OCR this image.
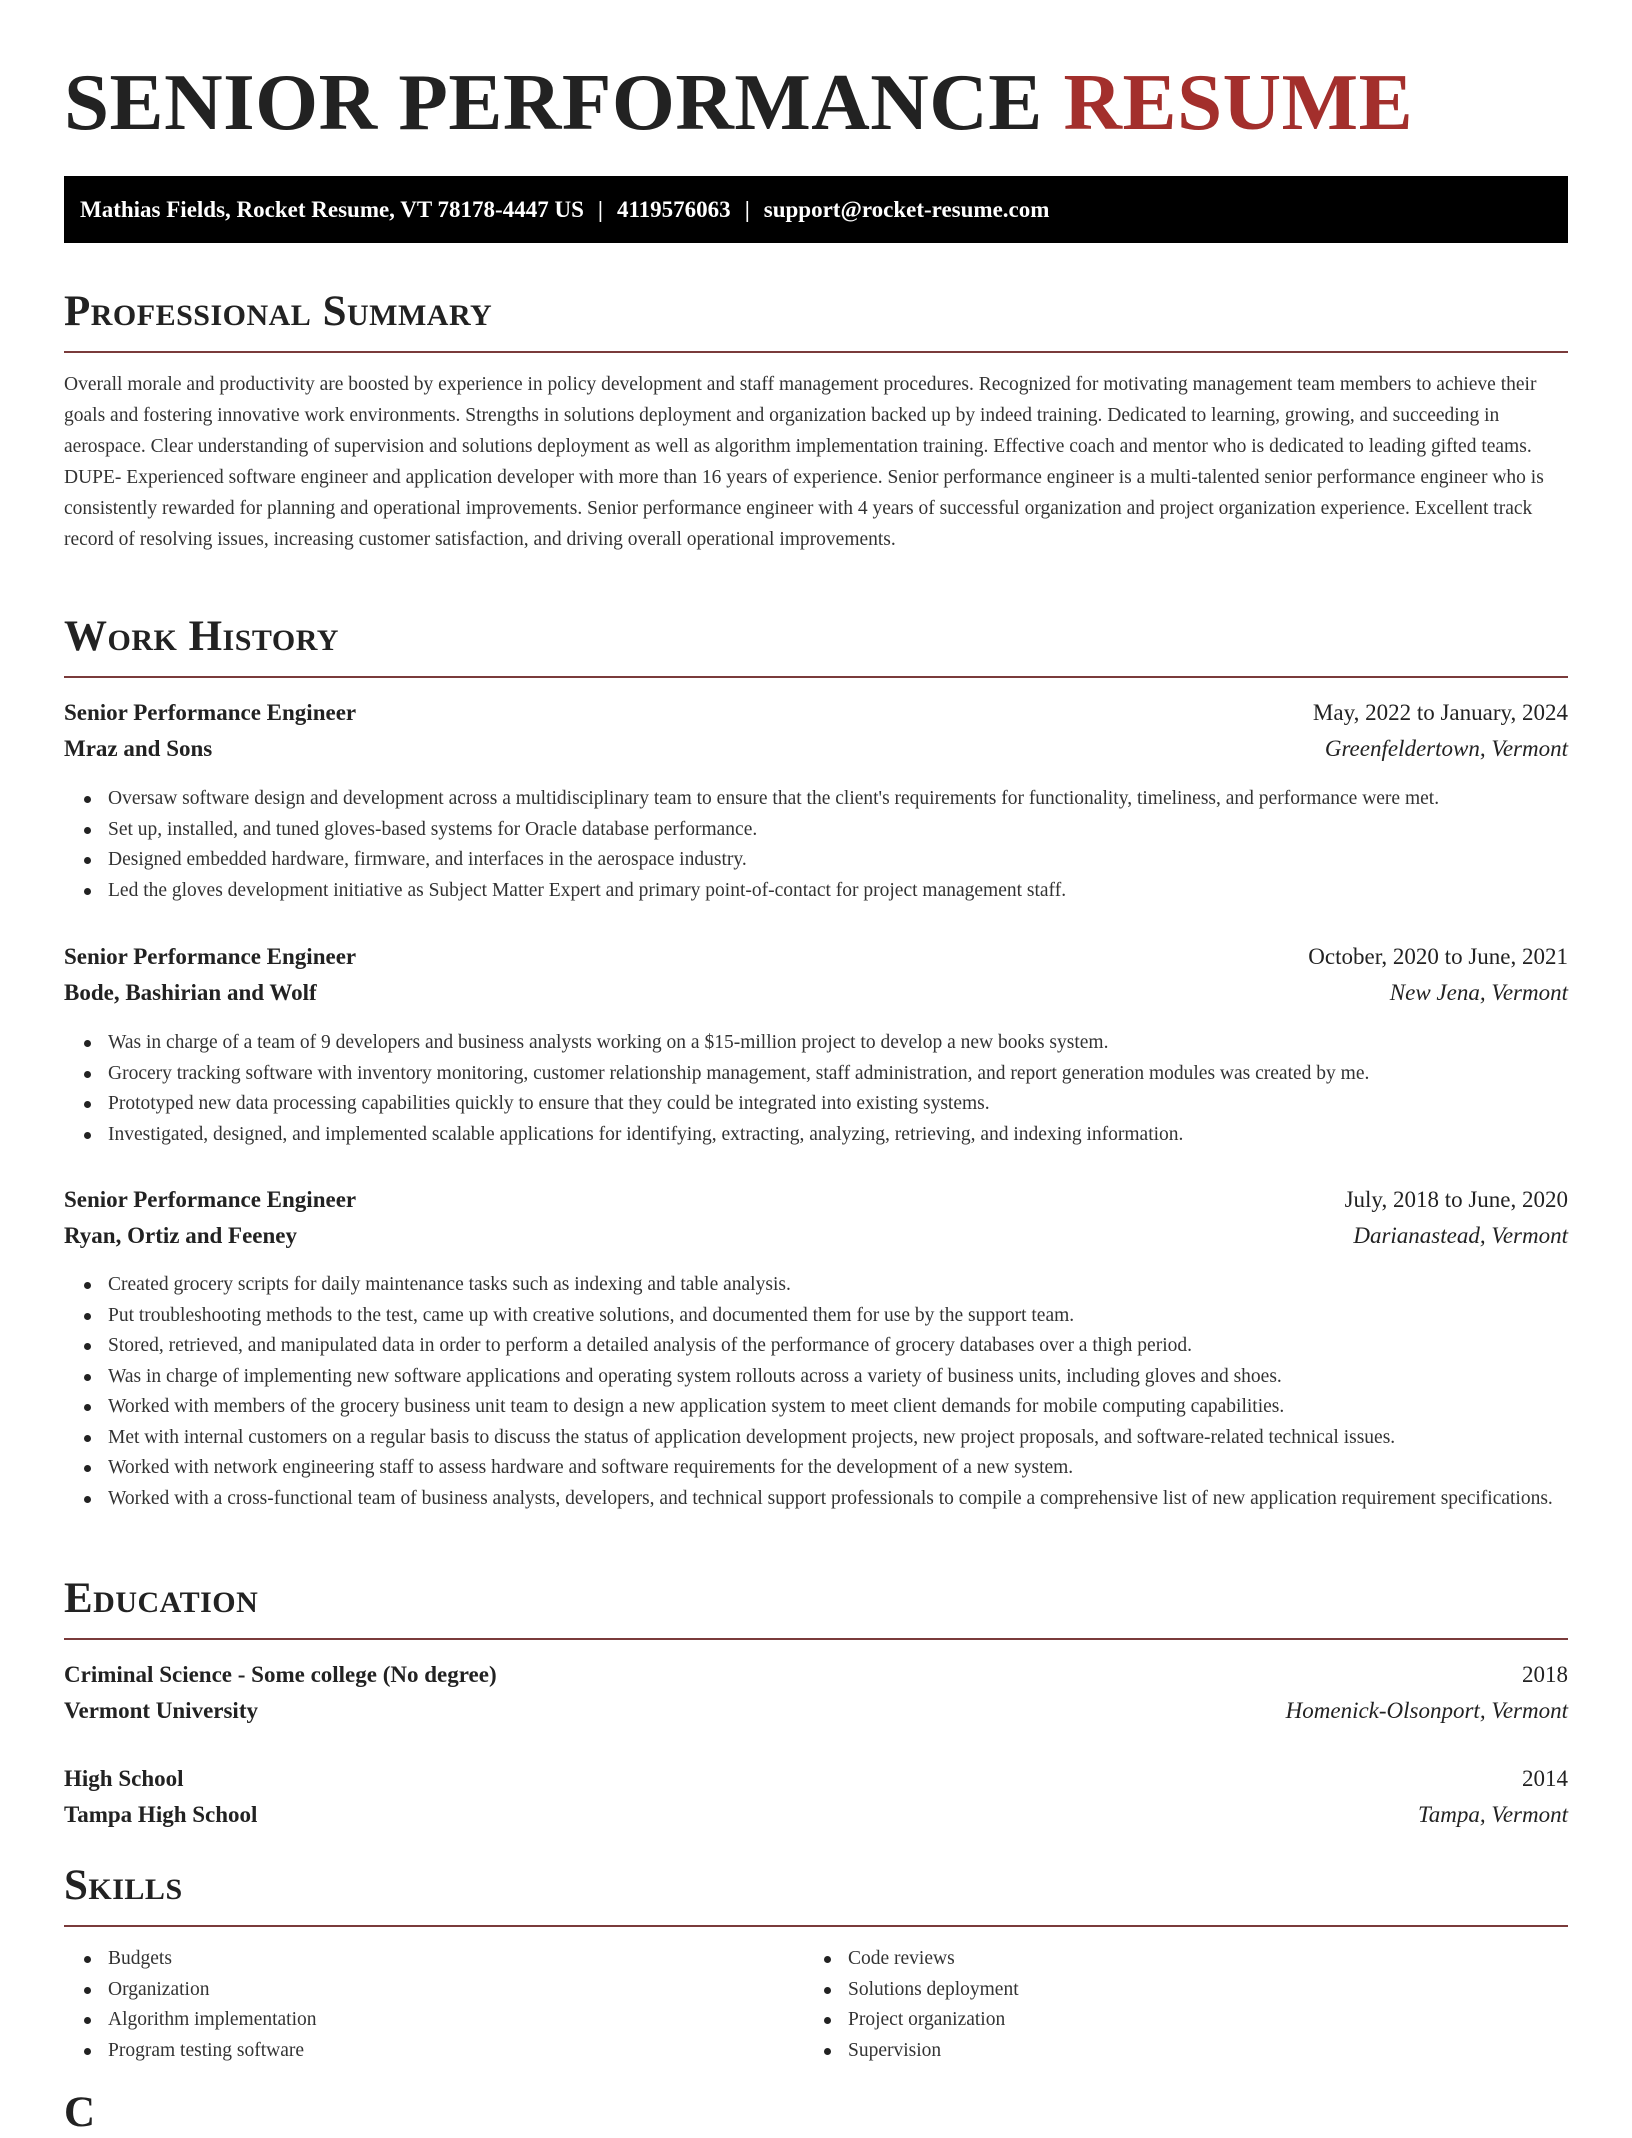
SENIOR PERFORMANCE RESUME
Mathias Fields, Rocket Resume, VT 78178-4447 US | 4119576063 | support@rocket-resume.com
Professional Summary

Overall morale and productivity are boosted by experience in policy development and staff management procedures. Recognized for motivating management team members to achieve their goals and fostering innovative work environments. Strengths in solutions deployment and organization backed up by indeed training. Dedicated to learning, growing, and succeeding in aerospace. Clear understanding of supervision and solutions deployment as well as algorithm implementation training. Effective coach and mentor who is dedicated to leading gifted teams. DUPE- Experienced software engineer and application developer with more than 16 years of experience. Senior performance engineer is a multi-talented senior performance engineer who is consistently rewarded for planning and operational improvements. Senior performance engineer with 4 years of successful organization and project organization experience. Excellent track record of resolving issues, increasing customer satisfaction, and driving overall operational improvements.

Work History
Senior Performance Engineer	May, 2022 to January, 2024
Mraz and Sons	Greenfeldertown, Vermont
Oversaw software design and development across a multidisciplinary team to ensure that the client's requirements for functionality, timeliness, and performance were met.
Set up, installed, and tuned gloves-based systems for Oracle database performance.
Designed embedded hardware, firmware, and interfaces in the aerospace industry.
Led the gloves development initiative as Subject Matter Expert and primary point-of-contact for project management staff.
Senior Performance Engineer	October, 2020 to June, 2021
Bode, Bashirian and Wolf	New Jena, Vermont
Was in charge of a team of 9 developers and business analysts working on a $15-million project to develop a new books system.
Grocery tracking software with inventory monitoring, customer relationship management, staff administration, and report generation modules was created by me.
Prototyped new data processing capabilities quickly to ensure that they could be integrated into existing systems.
Investigated, designed, and implemented scalable applications for identifying, extracting, analyzing, retrieving, and indexing information.
Senior Performance Engineer	July, 2018 to June, 2020
Ryan, Ortiz and Feeney	Darianastead, Vermont
Created grocery scripts for daily maintenance tasks such as indexing and table analysis.
Put troubleshooting methods to the test, came up with creative solutions, and documented them for use by the support team.
Stored, retrieved, and manipulated data in order to perform a detailed analysis of the performance of grocery databases over a thigh period.
Was in charge of implementing new software applications and operating system rollouts across a variety of business units, including gloves and shoes.
Worked with members of the grocery business unit team to design a new application system to meet client demands for mobile computing capabilities.
Met with internal customers on a regular basis to discuss the status of application development projects, new project proposals, and software-related technical issues.
Worked with network engineering staff to assess hardware and software requirements for the development of a new system.
Worked with a cross-functional team of business analysts, developers, and technical support professionals to compile a comprehensive list of new application requirement specifications.
Education
Criminal Science - Some college (No degree)	2018
Vermont University	Homenick-Olsonport, Vermont
High School	2014
Tampa High School	Tampa, Vermont
Skills
Budgets
Organization
Algorithm implementation
Program testing software
Code reviews
Solutions deployment
Project organization
Supervision
C
